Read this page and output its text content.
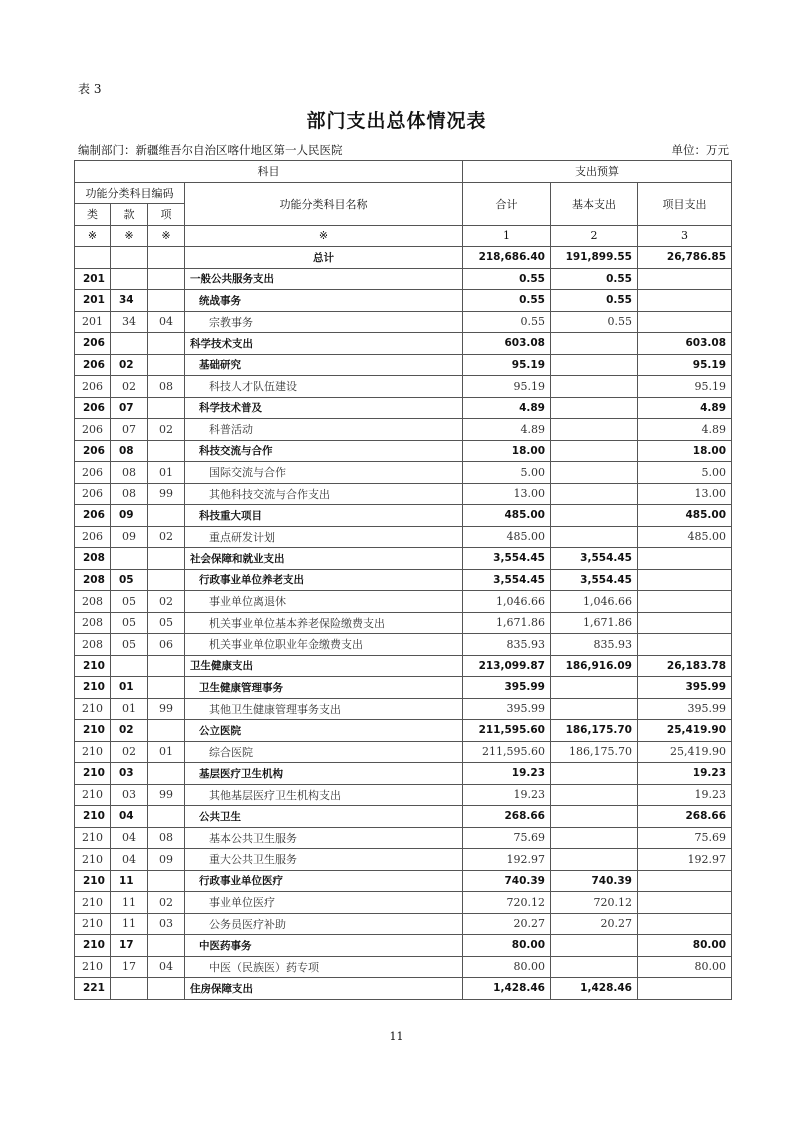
表 3
部门支出总体情况表
编制部门：新疆维吾尔自治区喀什地区第一人民医院	单位：万元
科目				支出预算		
功能分类科目编码			功能分类科目名称	合计	基本支出	项目支出
类	款	项				
※	※	※	※	1	2	3
			总计	218,686.40	191,899.55	26,786.85
201			一般公共服务支出	0.55	0.55	
201	34		统战事务	0.55	0.55	
201	34	04	宗教事务	0.55	0.55	
206			科学技术支出	603.08		603.08
206	02		基础研究	95.19		95.19
206	02	08	科技人才队伍建设	95.19		95.19
206	07		科学技术普及	4.89		4.89
206	07	02	科普活动	4.89		4.89
206	08		科技交流与合作	18.00		18.00
206	08	01	国际交流与合作	5.00		5.00
206	08	99	其他科技交流与合作支出	13.00		13.00
206	09		科技重大项目	485.00		485.00
206	09	02	重点研发计划	485.00		485.00
208			社会保障和就业支出	3,554.45	3,554.45	
208	05		行政事业单位养老支出	3,554.45	3,554.45	
208	05	02	事业单位离退休	1,046.66	1,046.66	
208	05	05	机关事业单位基本养老保险缴费支出	1,671.86	1,671.86	
208	05	06	机关事业单位职业年金缴费支出	835.93	835.93	
210			卫生健康支出	213,099.87	186,916.09	26,183.78
210	01		卫生健康管理事务	395.99		395.99
210	01	99	其他卫生健康管理事务支出	395.99		395.99
210	02		公立医院	211,595.60	186,175.70	25,419.90
210	02	01	综合医院	211,595.60	186,175.70	25,419.90
210	03		基层医疗卫生机构	19.23		19.23
210	03	99	其他基层医疗卫生机构支出	19.23		19.23
210	04		公共卫生	268.66		268.66
210	04	08	基本公共卫生服务	75.69		75.69
210	04	09	重大公共卫生服务	192.97		192.97
210	11		行政事业单位医疗	740.39	740.39	
210	11	02	事业单位医疗	720.12	720.12	
210	11	03	公务员医疗补助	20.27	20.27	
210	17		中医药事务	80.00		80.00
210	17	04	中医（民族医）药专项	80.00		80.00
221			住房保障支出	1,428.46	1,428.46	
11
